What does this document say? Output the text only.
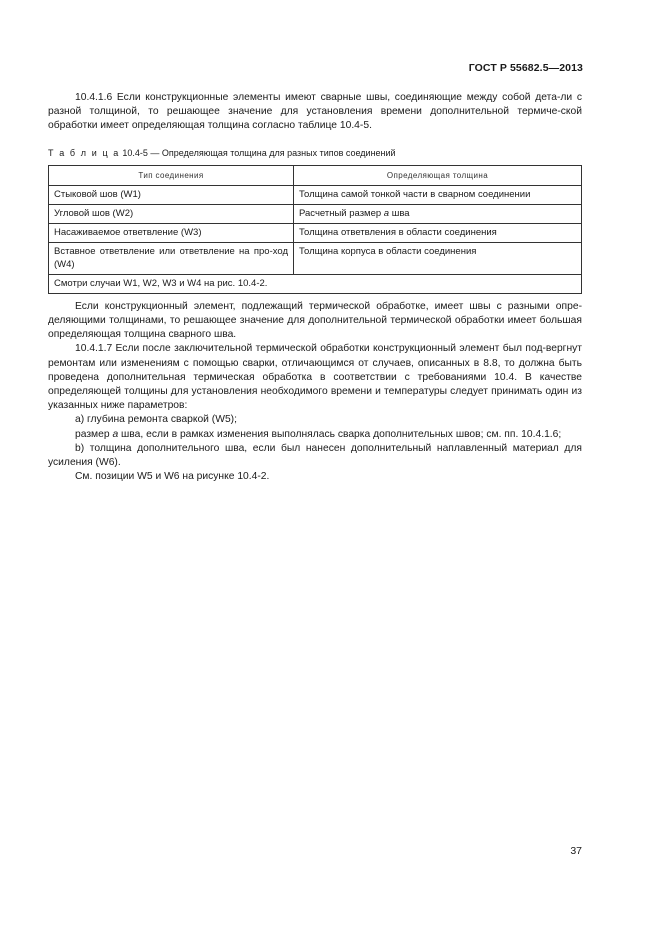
ГОСТ Р 55682.5—2013

10.4.1.6 Если конструкционные элементы имеют сварные швы, соединяющие между собой дета-ли с разной толщиной, то решающее значение для установления времени дополнительной термиче-ской обработки имеет определяющая толщина согласно таблице 10.4-5.

Т а б л и ц а 10.4-5 — Определяющая толщина для разных типов соединений

Тип соединения	Определяющая толщина
Стыковой шов (W1)	Толщина самой тонкой части в сварном соединении
Угловой шов (W2)	Расчетный размер a шва
Насаживаемое ответвление (W3)	Толщина ответвления в области соединения
Вставное ответвление или ответвление на про-ход (W4)	Толщина корпуса в области соединения
Смотри случаи W1, W2, W3 и W4 на рис. 10.4-2.	

Если конструкционный элемент, подлежащий термической обработке, имеет швы с разными опре-деляющими толщинами, то решающее значение для дополнительной термической обработки имеет большая определяющая толщина сварного шва.

10.4.1.7 Если после заключительной термической обработки конструкционный элемент был под-вергнут ремонтам или изменениям с помощью сварки, отличающимся от случаев, описанных в 8.8, то должна быть проведена дополнительная термическая обработка в соответствии с требованиями 10.4. В качестве определяющей толщины для установления необходимого времени и температуры следует принимать один из указанных ниже параметров:

а) глубина ремонта сваркой (W5);

размер a шва, если в рамках изменения выполнялась сварка дополнительных швов; см. пп. 10.4.1.6;

b) толщина дополнительного шва, если был нанесен дополнительный наплавленный материал для усиления (W6).

См. позиции W5 и W6 на рисунке 10.4-2.

37
